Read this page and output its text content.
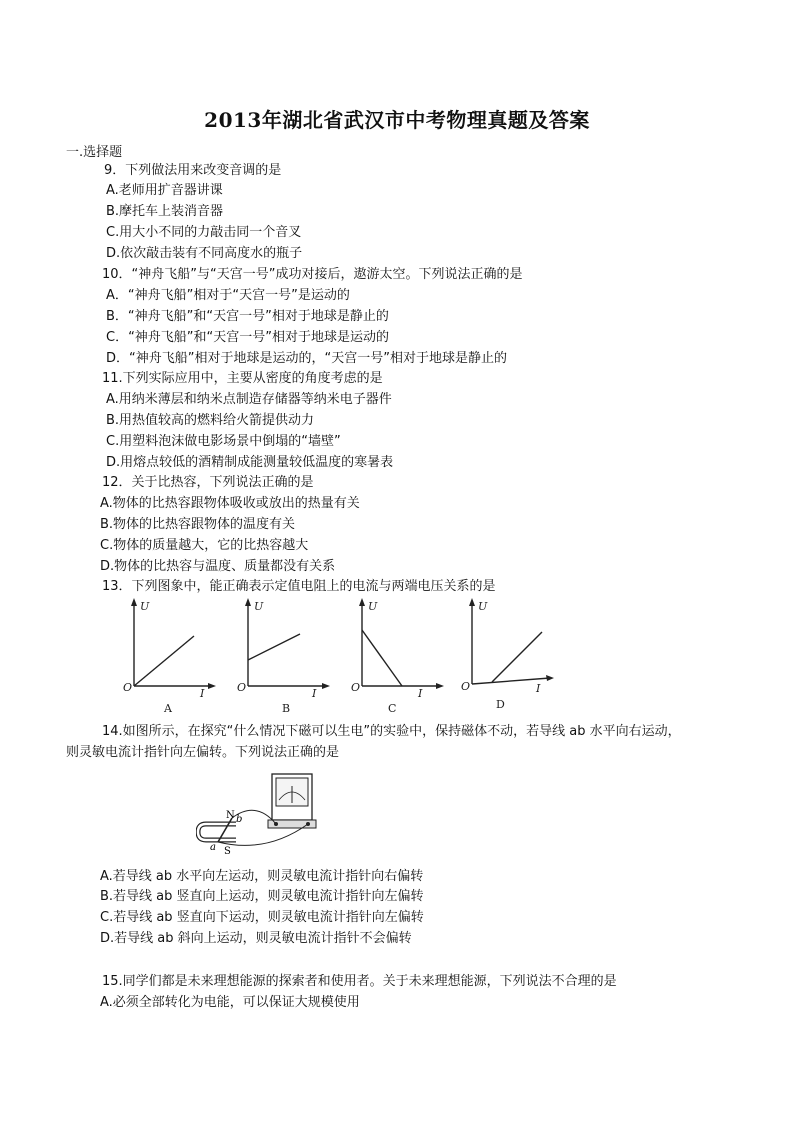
2013年湖北省武汉市中考物理真题及答案
一.选择题
9．下列做法用来改变音调的是
A.老师用扩音器讲课
B.摩托车上装消音器
C.用大小不同的力敲击同一个音叉
D.依次敲击装有不同高度水的瓶子
10．“神舟飞船”与“天宫一号”成功对接后，遨游太空。下列说法正确的是
A．“神舟飞船”相对于“天宫一号”是运动的
B．“神舟飞船”和“天宫一号”相对于地球是静止的
C．“神舟飞船”和“天宫一号”相对于地球是运动的
D．“神舟飞船”相对于地球是运动的，“天宫一号”相对于地球是静止的
11.下列实际应用中，主要从密度的角度考虑的是
A.用纳米薄层和纳米点制造存储器等纳米电子器件
B.用热值较高的燃料给火箭提供动力
C.用塑料泡沫做电影场景中倒塌的“墙壁”
D.用熔点较低的酒精制成能测量较低温度的寒暑表
12．关于比热容，下列说法正确的是
A.物体的比热容跟物体吸收或放出的热量有关
B.物体的比热容跟物体的温度有关
C.物体的质量越大，它的比热容越大
D.物体的比热容与温度、质量都没有关系
13．下列图象中，能正确表示定值电阻上的电流与两端电压关系的是
U
O	I
A
U
O	I
B
U
O	I
C
U
O	I
D
14.如图所示，在探究“什么情况下磁可以生电”的实验中，保持磁体不动，若导线 ab 水平向右运动，
则灵敏电流计指针向左偏转。下列说法正确的是
N
S
a
b
A.若导线 ab 水平向左运动，则灵敏电流计指针向右偏转
B.若导线 ab 竖直向上运动，则灵敏电流计指针向左偏转
C.若导线 ab 竖直向下运动，则灵敏电流计指针向左偏转
D.若导线 ab 斜向上运动，则灵敏电流计指针不会偏转
15.同学们都是未来理想能源的探索者和使用者。关于未来理想能源，下列说法不合理的是
A.必须全部转化为电能，可以保证大规模使用
